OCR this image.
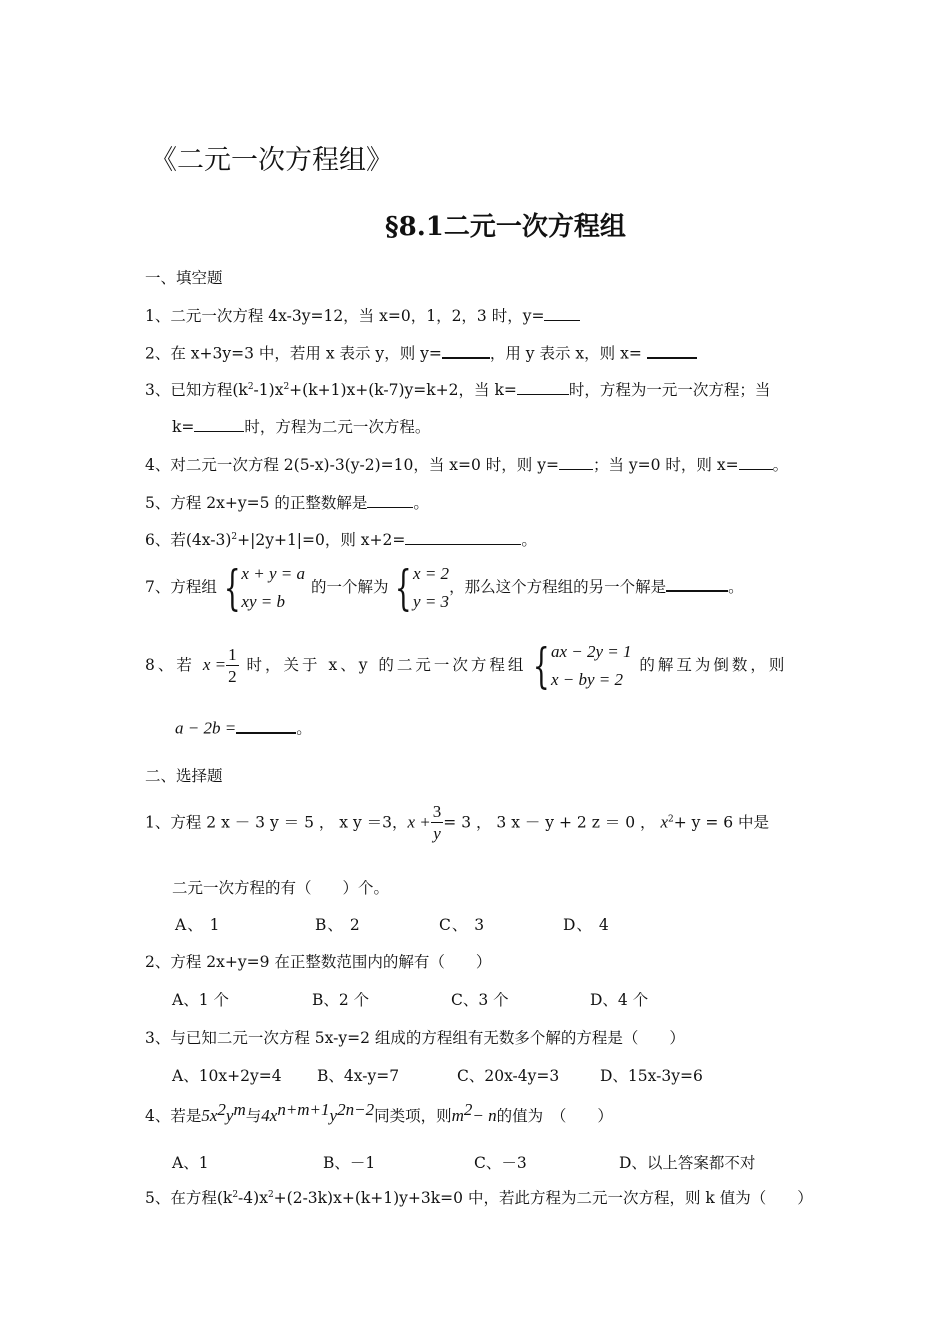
《二元一次方程组》
§8.1二元一次方程组
一、填空题
1、二元一次方程 4x-3y=12，当 x=0，1，2，3 时，y=
2、在 x+3y=3 中，若用 x 表示 y，则 y=	，用 y 表示 x，则 x=
3、已知方程$(k^2-1)x^2+(k+1)x+(k-7)y=k+2$，当 k=	时，方程为一元一次方程；当
k=	时，方程为二元一次方程。
4、对二元一次方程 2(5-x)-3(y-2)=10，当 x=0 时，则 y= ；当 y=0 时，则 x= 。
5、方程 2x+y=5 的正整数解是	。
6、若$(4x-3)^2+|2y+1|=0$，则 x+2=	。
7、方程组 { x + y = a
xy = b
的一个解为 { x = 2
y = 3
，那么这个方程组的另一个解是	。
8、若 $x = \frac{1}{2}$ 时，关于 x、y 的二元一次方程组 { ax − 2y = 1
x − by = 2
的解互为倒数，则
a − 2b =	。
二、选择题
1、方程 2 x － 3 y ＝ 5 ， x y ＝3，$x + \frac{3}{y} = 3$ ， 3 x － y + 2 z ＝ 0 ， $x^2+ y = 6$ 中是
二元一次方程的有（　　）个。
A、 1	B、 2	C、 3	D、 4
2、方程 2x+y=9 在正整数范围内的解有（　　）
A、1 个	B、2 个	C、3 个	D、4 个
3、与已知二元一次方程 5x-y=2 组成的方程组有无数多个解的方程是（　　）
A、10x+2y=4 B、4x-y=7	C、20x-4y=3	D、15x-3y=6
4、若是$5x^2y^m$与$4x^{n+m+1}y^{2n-2}$同类项，则$m^2- n$的值为　（　　）
A、1	B、－1	C、－3	D、以上答案都不对
5、在方程$(k^2-4)x^2+(2-3k)x+(k+1)y+3k=0$ 中，若此方程为二元一次方程，则 k 值为（　　）
